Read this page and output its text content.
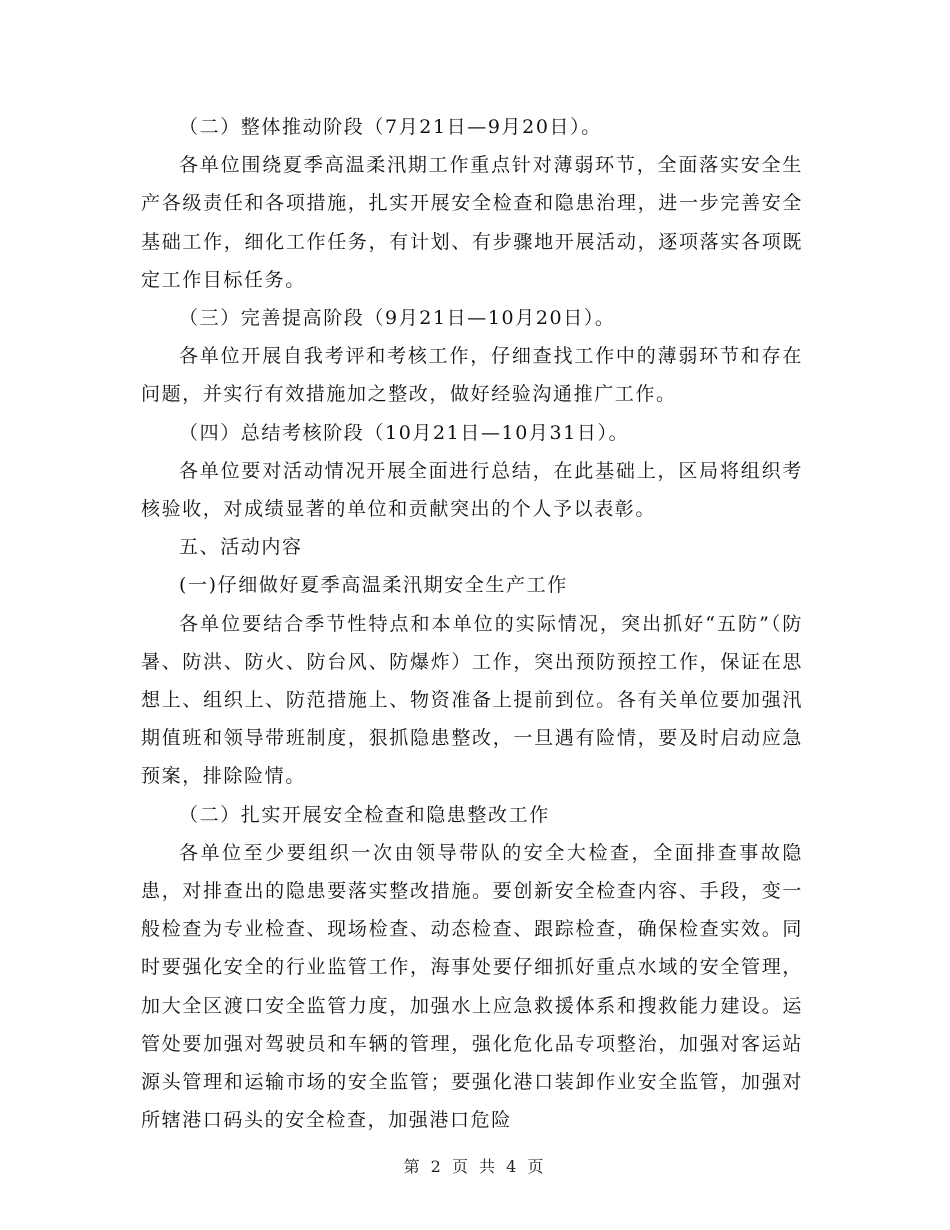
（二）整体推动阶段（7月21日—9月20日）。

各单位围绕夏季高温柔汛期工作重点针对薄弱环节，全面落实安全生产各级责任和各项措施，扎实开展安全检查和隐患治理，进一步完善安全基础工作，细化工作任务，有计划、有步骤地开展活动，逐项落实各项既定工作目标任务。

（三）完善提高阶段（9月21日—10月20日）。

各单位开展自我考评和考核工作，仔细查找工作中的薄弱环节和存在问题，并实行有效措施加之整改，做好经验沟通推广工作。

（四）总结考核阶段（10月21日—10月31日）。

各单位要对活动情况开展全面进行总结，在此基础上，区局将组织考核验收，对成绩显著的单位和贡献突出的个人予以表彰。

五、活动内容

(一)仔细做好夏季高温柔汛期安全生产工作

各单位要结合季节性特点和本单位的实际情况，突出抓好“五防”（防暑、防洪、防火、防台风、防爆炸）工作，突出预防预控工作，保证在思想上、组织上、防范措施上、物资准备上提前到位。各有关单位要加强汛期值班和领导带班制度，狠抓隐患整改，一旦遇有险情，要及时启动应急预案，排除险情。

（二）扎实开展安全检查和隐患整改工作

各单位至少要组织一次由领导带队的安全大检查，全面排查事故隐患，对排查出的隐患要落实整改措施。要创新安全检查内容、手段，变一般检查为专业检查、现场检查、动态检查、跟踪检查，确保检查实效。同时要强化安全的行业监管工作，海事处要仔细抓好重点水域的安全管理，加大全区渡口安全监管力度，加强水上应急救援体系和搜救能力建设。运管处要加强对驾驶员和车辆的管理，强化危化品专项整治，加强对客运站源头管理和运输市场的安全监管；要强化港口装卸作业安全监管，加强对所辖港口码头的安全检查，加强港口危险

第 2 页 共 4 页
